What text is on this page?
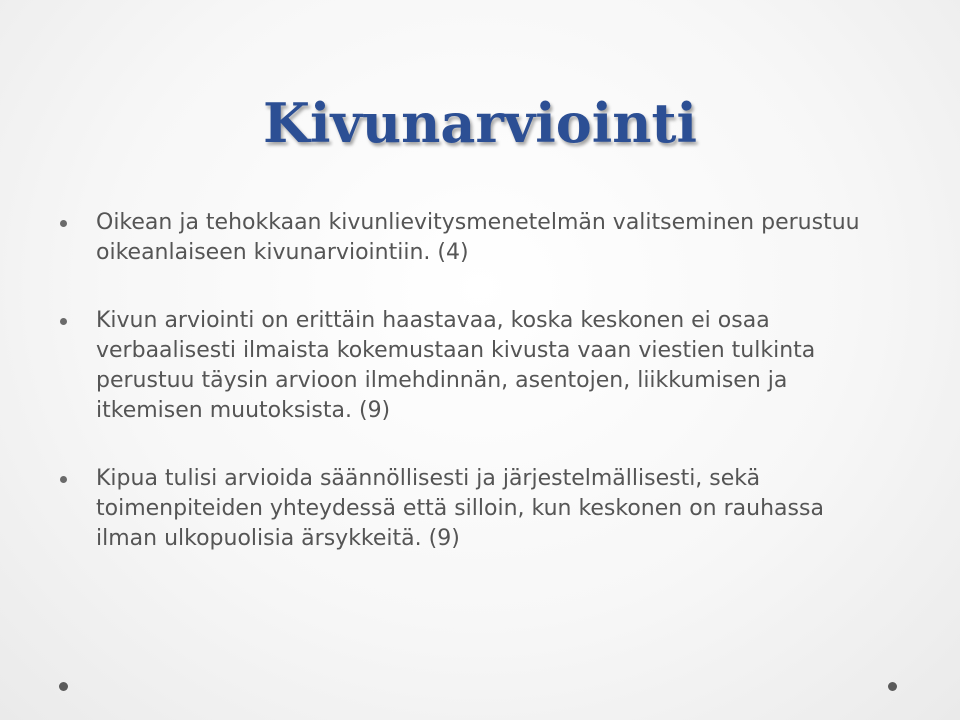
Kivunarviointi
Oikean ja tehokkaan kivunlievitysmenetelmän valitseminen perustuu oikeanlaiseen kivunarviointiin. (4)
Kivun arviointi on erittäin haastavaa, koska keskonen ei osaa verbaalisesti ilmaista kokemustaan kivusta vaan viestien tulkinta perustuu täysin arvioon ilmehdinnän, asentojen, liikkumisen ja itkemisen muutoksista. (9)
Kipua tulisi arvioida säännöllisesti ja järjestelmällisesti, sekä toimenpiteiden yhteydessä että silloin, kun keskonen on rauhassa ilman ulkopuolisia ärsykkeitä. (9)
